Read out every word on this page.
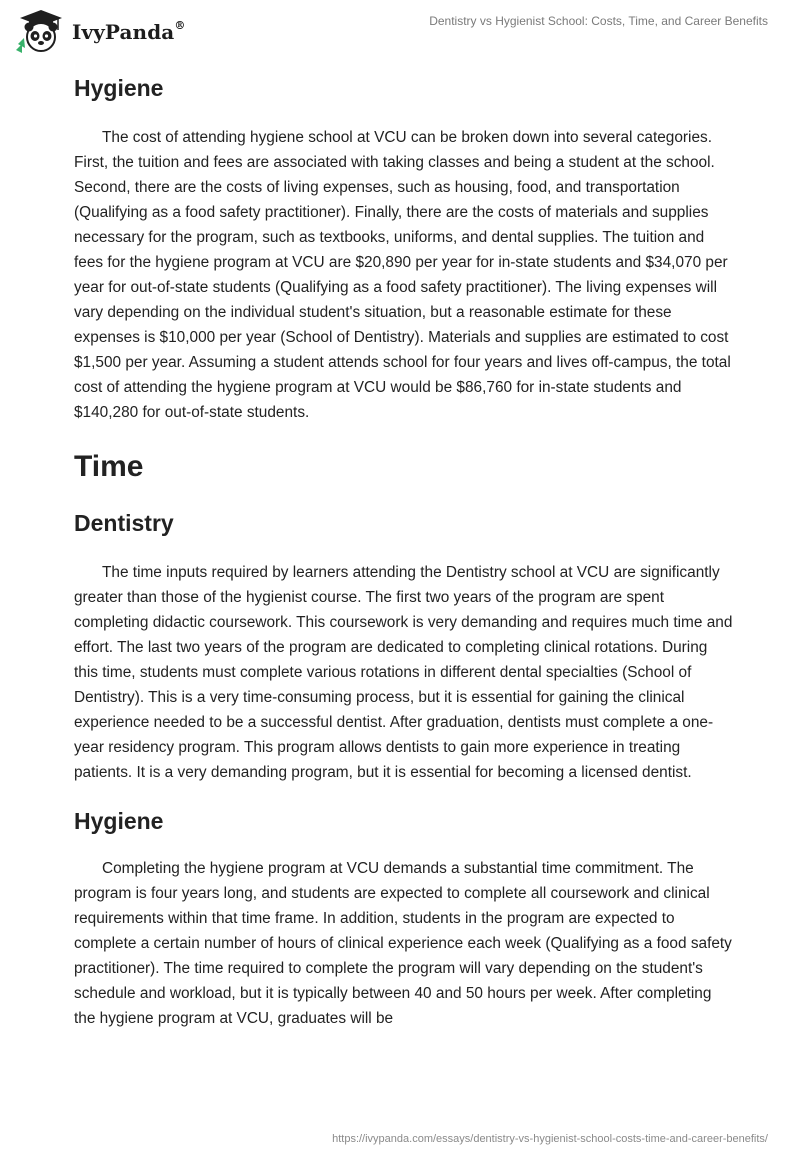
IvyPanda®	Dentistry vs Hygienist School: Costs, Time, and Career Benefits
Hygiene

The cost of attending hygiene school at VCU can be broken down into several categories. First, the tuition and fees are associated with taking classes and being a student at the school. Second, there are the costs of living expenses, such as housing, food, and transportation (Qualifying as a food safety practitioner). Finally, there are the costs of materials and supplies necessary for the program, such as textbooks, uniforms, and dental supplies. The tuition and fees for the hygiene program at VCU are $20,890 per year for in-state students and $34,070 per year for out-of-state students (Qualifying as a food safety practitioner). The living expenses will vary depending on the individual student's situation, but a reasonable estimate for these expenses is $10,000 per year (School of Dentistry). Materials and supplies are estimated to cost $1,500 per year. Assuming a student attends school for four years and lives off-campus, the total cost of attending the hygiene program at VCU would be $86,760 for in-state students and $140,280 for out-of-state students.

Time
Dentistry

The time inputs required by learners attending the Dentistry school at VCU are significantly greater than those of the hygienist course. The first two years of the program are spent completing didactic coursework. This coursework is very demanding and requires much time and effort. The last two years of the program are dedicated to completing clinical rotations. During this time, students must complete various rotations in different dental specialties (School of Dentistry). This is a very time-consuming process, but it is essential for gaining the clinical experience needed to be a successful dentist. After graduation, dentists must complete a one-year residency program. This program allows dentists to gain more experience in treating patients. It is a very demanding program, but it is essential for becoming a licensed dentist.

Hygiene

Completing the hygiene program at VCU demands a substantial time commitment. The program is four years long, and students are expected to complete all coursework and clinical requirements within that time frame. In addition, students in the program are expected to complete a certain number of hours of clinical experience each week (Qualifying as a food safety practitioner). The time required to complete the program will vary depending on the student's schedule and workload, but it is typically between 40 and 50 hours per week. After completing the hygiene program at VCU, graduates will be

https://ivypanda.com/essays/dentistry-vs-hygienist-school-costs-time-and-career-benefits/
